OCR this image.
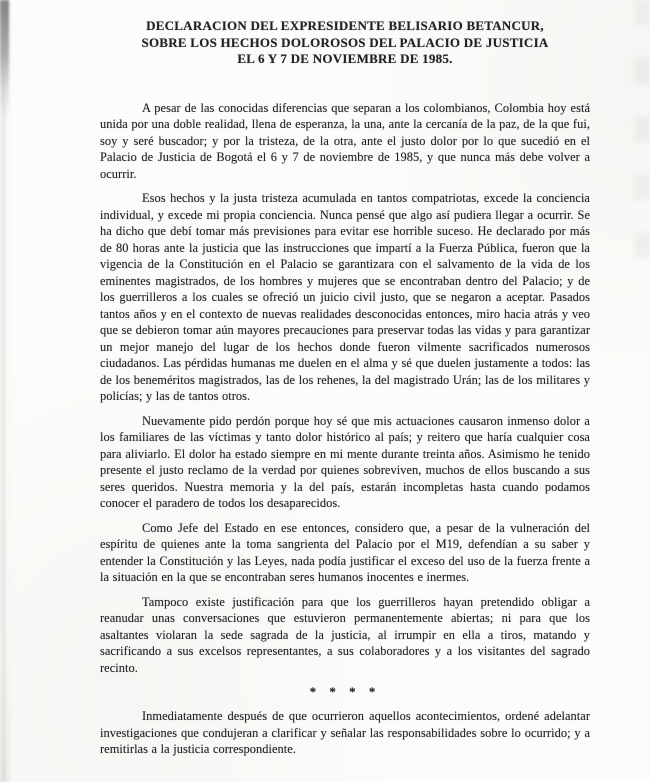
DECLARACION DEL EXPRESIDENTE BELISARIO BETANCUR,
SOBRE LOS HECHOS DOLOROSOS DEL PALACIO DE JUSTICIA
EL 6 Y 7 DE NOVIEMBRE DE 1985.

A pesar de las conocidas diferencias que separan a los colombianos, Colombia hoy está unida por una doble realidad, llena de esperanza, la una, ante la cercanía de la paz, de la que fui, soy y seré buscador; y por la tristeza, de la otra, ante el justo dolor por lo que sucedió en el Palacio de Justicia de Bogotá el 6 y 7 de noviembre de 1985, y que nunca más debe volver a ocurrir.

Esos hechos y la justa tristeza acumulada en tantos compatriotas, excede la conciencia individual, y excede mi propia conciencia. Nunca pensé que algo así pudiera llegar a ocurrir. Se ha dicho que debí tomar más previsiones para evitar ese horrible suceso. He declarado por más de 80 horas ante la justicia que las instrucciones que impartí a la Fuerza Pública, fueron que la vigencia de la Constitución en el Palacio se garantizara con el salvamento de la vida de los eminentes magistrados, de los hombres y mujeres que se encontraban dentro del Palacio; y de los guerrilleros a los cuales se ofreció un juicio civil justo, que se negaron a aceptar. Pasados tantos años y en el contexto de nuevas realidades desconocidas entonces, miro hacia atrás y veo que se debieron tomar aún mayores precauciones para preservar todas las vidas y para garantizar un mejor manejo del lugar de los hechos donde fueron vilmente sacrificados numerosos ciudadanos. Las pérdidas humanas me duelen en el alma y sé que duelen justamente a todos: las de los beneméritos magistrados, las de los rehenes, la del magistrado Urán; las de los militares y policías; y las de tantos otros.

Nuevamente pido perdón porque hoy sé que mis actuaciones causaron inmenso dolor a los familiares de las víctimas y tanto dolor histórico al país; y reitero que haría cualquier cosa para aliviarlo. El dolor ha estado siempre en mi mente durante treinta años. Asimismo he tenido presente el justo reclamo de la verdad por quienes sobreviven, muchos de ellos buscando a sus seres queridos. Nuestra memoria y la del país, estarán incompletas hasta cuando podamos conocer el paradero de todos los desaparecidos.

Como Jefe del Estado en ese entonces, considero que, a pesar de la vulneración del espíritu de quienes ante la toma sangrienta del Palacio por el M19, defendían a su saber y entender la Constitución y las Leyes, nada podía justificar el exceso del uso de la fuerza frente a la situación en la que se encontraban seres humanos inocentes e inermes.

Tampoco existe justificación para que los guerrilleros hayan pretendido obligar a reanudar unas conversaciones que estuvieron permanentemente abiertas; ni para que los asaltantes violaran la sede sagrada de la justicia, al irrumpir en ella a tiros, matando y sacrificando a sus excelsos representantes, a sus colaboradores y a los visitantes del sagrado recinto.

* * * *

Inmediatamente después de que ocurrieron aquellos acontecimientos, ordené adelantar investigaciones que condujeran a clarificar y señalar las responsabilidades sobre lo ocurrido; y a remitirlas a la justicia correspondiente.
